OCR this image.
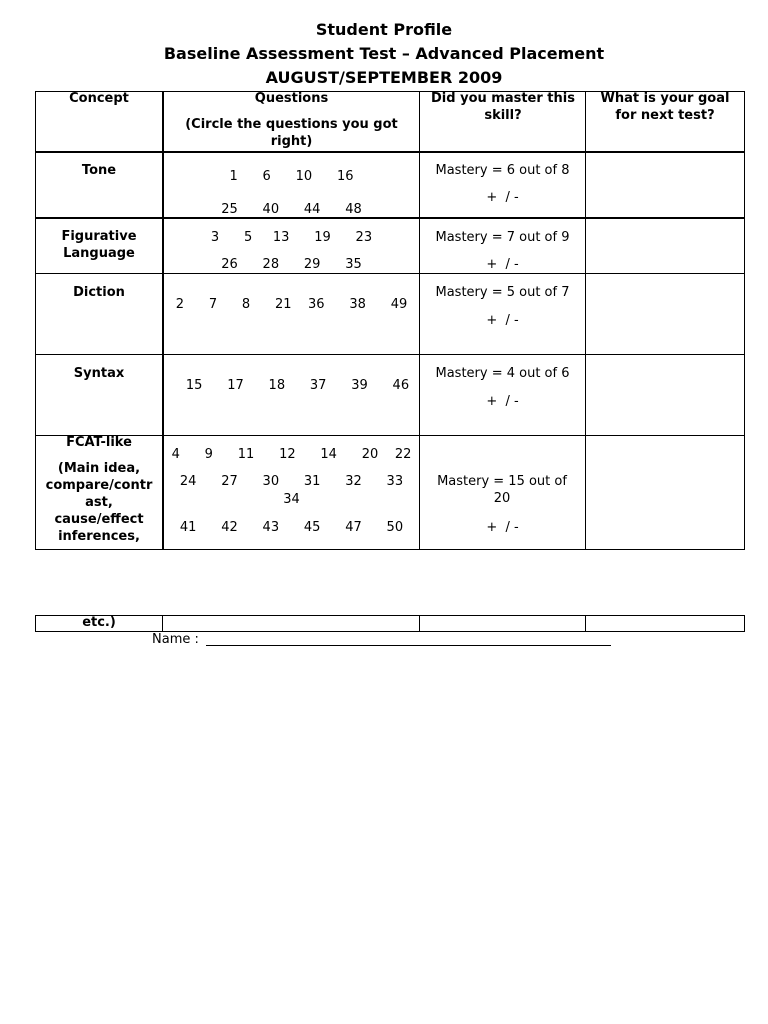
Student Profile
Baseline Assessment Test – Advanced Placement
AUGUST/SEPTEMBER 2009
Concept	Questions
(Circle the questions you got right)
Did you master this skill?
What is your goal for next test?
Tone	1      6      10      16
25      40      44      48
Mastery = 6 out of 8
+  / -
Figurative Language
3      5     13      19      23
26      28      29      35
Mastery = 7 out of 9
+  / -
Diction
2      7      8      21    36      38      49
Mastery = 5 out of 7
+  / -
Syntax
15      17      18      37      39      46
Mastery = 4 out of 6
+  / -
FCAT-like
(Main idea, compare/contr ast, cause/effect inferences,
4      9      11      12      14      20    22
24      27      30      31      32      33
34
41      42      43      45      47      50
Mastery = 15 out of 20
+  / -
etc.)
Name :
